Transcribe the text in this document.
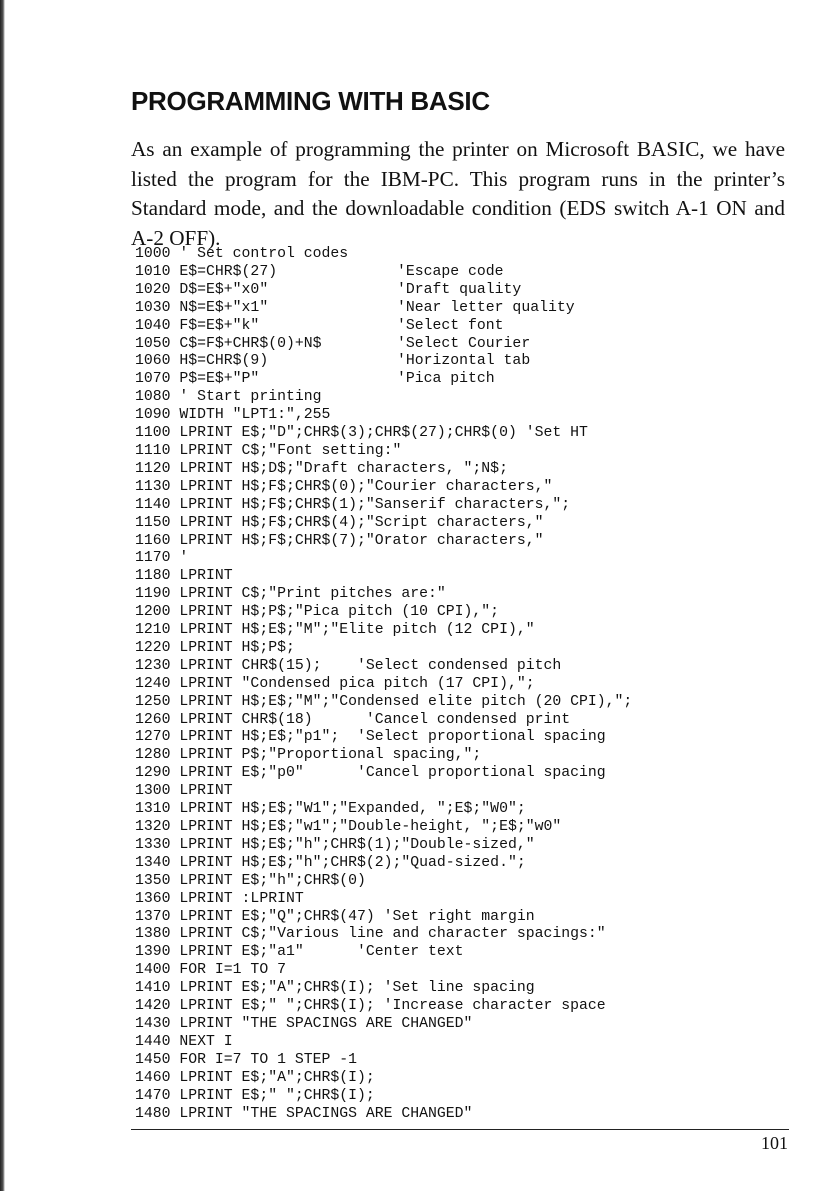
PROGRAMMING WITH BASIC

As an example of programming the printer on Microsoft BASIC, we have listed the program for the IBM-PC. This program runs in the printer’s Standard mode, and the downloadable condition (EDS switch A-1 ON and A-2 OFF).

1000 ' Set control codes
1010 E$=CHR$(27)	'Escape code
1020 D$=E$+"x0"	'Draft quality
1030 N$=E$+"x1"	'Near letter quality
1040 F$=E$+"k"	'Select font
1050 C$=F$+CHR$(0)+N$	'Select Courier
1060 H$=CHR$(9)	'Horizontal tab
1070 P$=E$+"P"	'Pica pitch
1080 ' Start printing
1090 WIDTH "LPT1:",255
1100 LPRINT E$;"D";CHR$(3);CHR$(27);CHR$(0) 'Set HT
1110 LPRINT C$;"Font setting:"
1120 LPRINT H$;D$;"Draft characters, ";N$;
1130 LPRINT H$;F$;CHR$(0);"Courier characters,"
1140 LPRINT H$;F$;CHR$(1);"Sanserif characters,";
1150 LPRINT H$;F$;CHR$(4);"Script characters,"
1160 LPRINT H$;F$;CHR$(7);"Orator characters,"
1170 '
1180 LPRINT
1190 LPRINT C$;"Print pitches are:"
1200 LPRINT H$;P$;"Pica pitch (10 CPI),";
1210 LPRINT H$;E$;"M";"Elite pitch (12 CPI),"
1220 LPRINT H$;P$;
1230 LPRINT CHR$(15);    'Select condensed pitch
1240 LPRINT "Condensed pica pitch (17 CPI),";
1250 LPRINT H$;E$;"M";"Condensed elite pitch (20 CPI),";
1260 LPRINT CHR$(18)      'Cancel condensed print
1270 LPRINT H$;E$;"p1";  'Select proportional spacing
1280 LPRINT P$;"Proportional spacing,";
1290 LPRINT E$;"p0"      'Cancel proportional spacing
1300 LPRINT
1310 LPRINT H$;E$;"W1";"Expanded, ";E$;"W0";
1320 LPRINT H$;E$;"w1";"Double-height, ";E$;"w0"
1330 LPRINT H$;E$;"h";CHR$(1);"Double-sized,"
1340 LPRINT H$;E$;"h";CHR$(2);"Quad-sized.";
1350 LPRINT E$;"h";CHR$(0)
1360 LPRINT :LPRINT
1370 LPRINT E$;"Q";CHR$(47) 'Set right margin
1380 LPRINT C$;"Various line and character spacings:"
1390 LPRINT E$;"a1"      'Center text
1400 FOR I=1 TO 7
1410 LPRINT E$;"A";CHR$(I); 'Set line spacing
1420 LPRINT E$;" ";CHR$(I); 'Increase character space
1430 LPRINT "THE SPACINGS ARE CHANGED"
1440 NEXT I
1450 FOR I=7 TO 1 STEP -1
1460 LPRINT E$;"A";CHR$(I);
1470 LPRINT E$;" ";CHR$(I);
1480 LPRINT "THE SPACINGS ARE CHANGED"
101
